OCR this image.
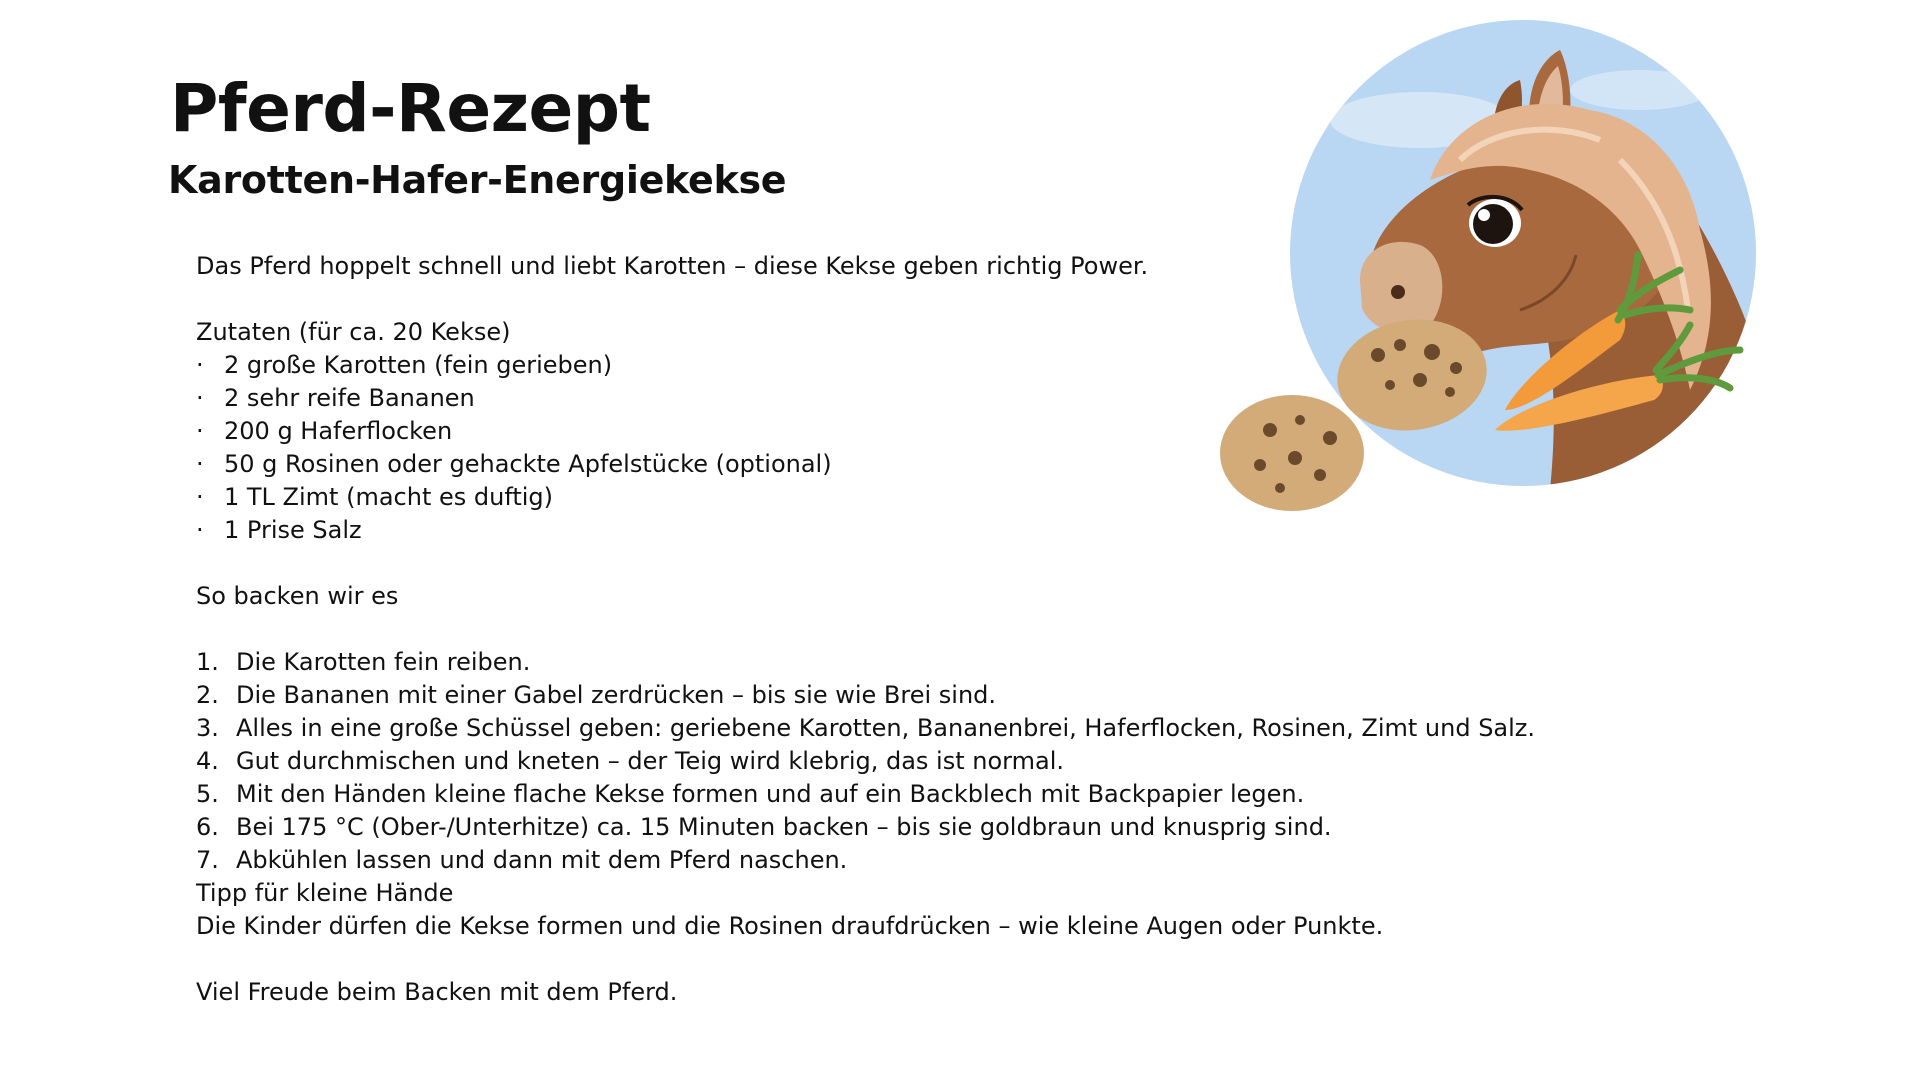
Pferd-Rezept
Karotten-Hafer-Energiekekse

Das Pferd hoppelt schnell und liebt Karotten – diese Kekse geben richtig Power.

Zutaten (für ca. 20 Kekse)

· 2 große Karotten (fein gerieben)
· 2 sehr reife Bananen
· 200 g Haferflocken
· 50 g Rosinen oder gehackte Apfelstücke (optional)
· 1 TL Zimt (macht es duftig)
· 1 Prise Salz

So backen wir es

1. Die Karotten fein reiben.
2. Die Bananen mit einer Gabel zerdrücken – bis sie wie Brei sind.
3. Alles in eine große Schüssel geben: geriebene Karotten, Bananenbrei, Haferflocken, Rosinen, Zimt und Salz.
4. Gut durchmischen und kneten – der Teig wird klebrig, das ist normal.
5. Mit den Händen kleine flache Kekse formen und auf ein Backblech mit Backpapier legen.
6. Bei 175 °C (Ober-/Unterhitze) ca. 15 Minuten backen – bis sie goldbraun und knusprig sind.
7. Abkühlen lassen und dann mit dem Pferd naschen.

Tipp für kleine Hände

Die Kinder dürfen die Kekse formen und die Rosinen draufdrücken – wie kleine Augen oder Punkte.

Viel Freude beim Backen mit dem Pferd.
